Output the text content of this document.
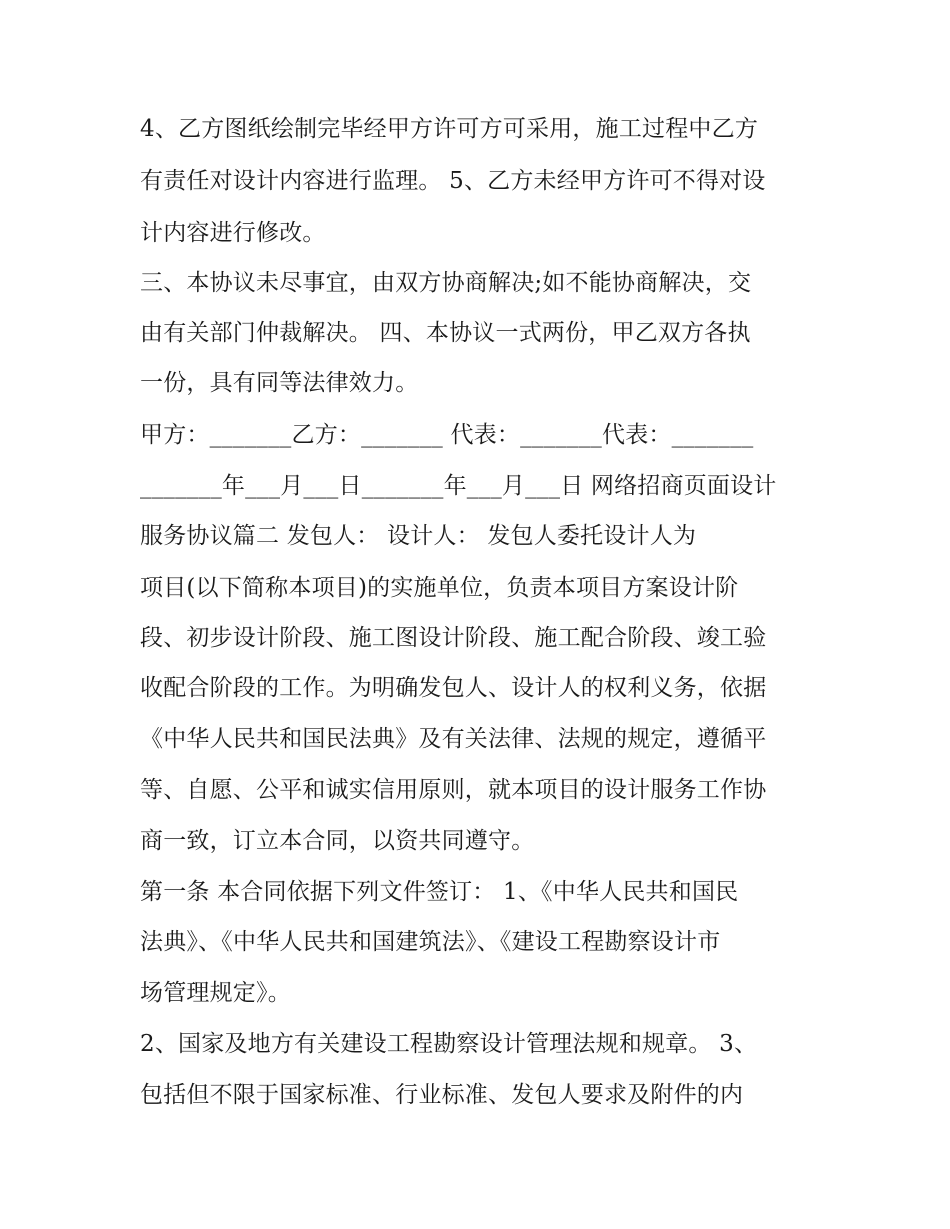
4、乙方图纸绘制完毕经甲方许可方可采用，施工过程中乙方
有责任对设计内容进行监理。 5、乙方未经甲方许可不得对设
计内容进行修改。
三、本协议未尽事宜，由双方协商解决;如不能协商解决，交
由有关部门仲裁解决。 四、本协议一式两份，甲乙双方各执
一份，具有同等法律效力。
甲方：_______乙方：_______ 代表：_______代表：_______
_______年___月___日_______年___月___日 网络招商页面设计
服务协议篇二 发包人： 设计人： 发包人委托设计人为
项目(以下简称本项目)的实施单位，负责本项目方案设计阶
段、初步设计阶段、施工图设计阶段、施工配合阶段、竣工验
收配合阶段的工作。为明确发包人、设计人的权利义务，依据
《中华人民共和国民法典》及有关法律、法规的规定，遵循平
等、自愿、公平和诚实信用原则，就本项目的设计服务工作协
商一致，订立本合同，以资共同遵守。
第一条 本合同依据下列文件签订： 1、《中华人民共和国民
法典》、《中华人民共和国建筑法》、《建设工程勘察设计市
场管理规定》。
2、国家及地方有关建设工程勘察设计管理法规和规章。 3、
包括但不限于国家标准、行业标准、发包人要求及附件的内
